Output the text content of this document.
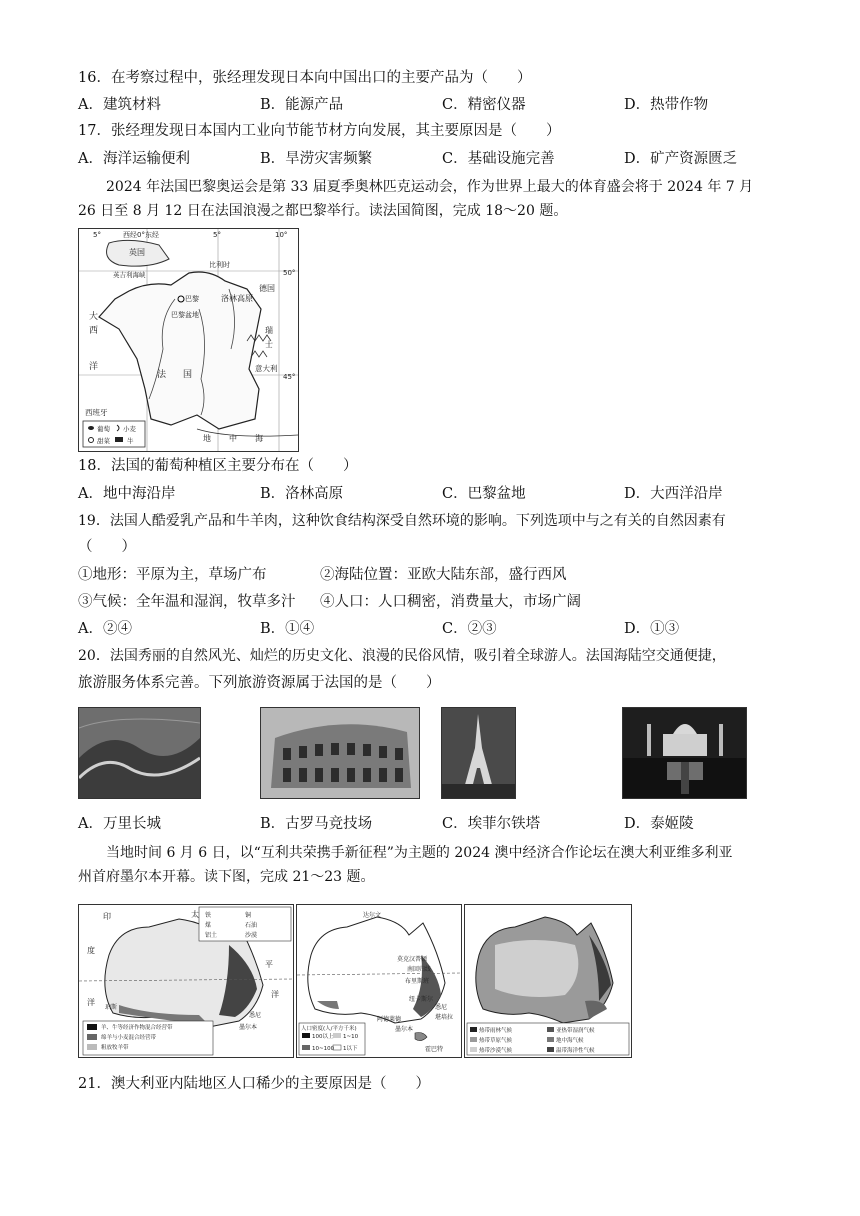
16．在考察过程中，张经理发现日本向中国出口的主要产品为（　　）
A．建筑材料	B．能源产品	C．精密仪器	D．热带作物
17．张经理发现日本国内工业向节能节材方向发展，其主要原因是（　　）
A．海洋运输便利	B．旱涝灾害频繁	C．基础设施完善	D．矿产资源匮乏
2024 年法国巴黎奥运会是第 33 届夏季奥林匹克运动会，作为世界上最大的体育盛会将于 2024 年 7 月
26 日至 8 月 12 日在法国浪漫之都巴黎举行。读法国简图，完成 18～20 题。
5°	西经0°东经	5°	10°
50°
45°
英国
英吉利海峡
比利时
德国
大
西
洋
巴黎
巴黎盆地
洛林高原
法 国
瑞
士
意大利
西班牙
地 中 海
葡萄 小麦
甜菜	牛
18．法国的葡萄种植区主要分布在（　　）
A．地中海沿岸	B．洛林高原	C．巴黎盆地	D．大西洋沿岸
19．法国人酷爱乳产品和牛羊肉，这种饮食结构深受自然环境的影响。下列选项中与之有关的自然因素有
（　　）
①地形：平原为主，草场广布	②海陆位置：亚欧大陆东部，盛行西风
③气候：全年温和湿润，牧草多汁 ④人口：人口稠密，消费量大，市场广阔
A．②④	B．①④	C．②③	D．①③
20．法国秀丽的自然风光、灿烂的历史文化、浪漫的民俗风情，吸引着全球游人。法国海陆空交通便捷，
旅游服务体系完善。下列旅游资源属于法国的是（　　）
A．万里长城	B．古罗马竞技场	C．埃菲尔铁塔	D．泰姬陵
当地时间 6 月 6 日，以“互利共荣携手新征程”为主题的 2024 澳中经济合作论坛在澳大利亚维多利亚
州首府墨尔本开幕。读下图，完成 21～23 题。
印
度
洋
太
平
洋
珀斯
悉尼
墨尔本
铁	铜
煤	石油
铝土	沙漠
羊、牛等经济作物混合经营带
绵羊与小麦混合经营带
粗放牧羊带
达尔文
南回归线
阿德莱德
悉尼
堪培拉
墨尔本
霍巴特
布里斯班
纽卡斯尔
莫克汉普顿
人口密度(人/平方千米)
100以上 1~10
10~100 1以下
热带雨林气候	亚热带湿润气候
热带草原气候	地中海气候
热带沙漠气候	温带海洋性气候
21．澳大利亚内陆地区人口稀少的主要原因是（　　）
